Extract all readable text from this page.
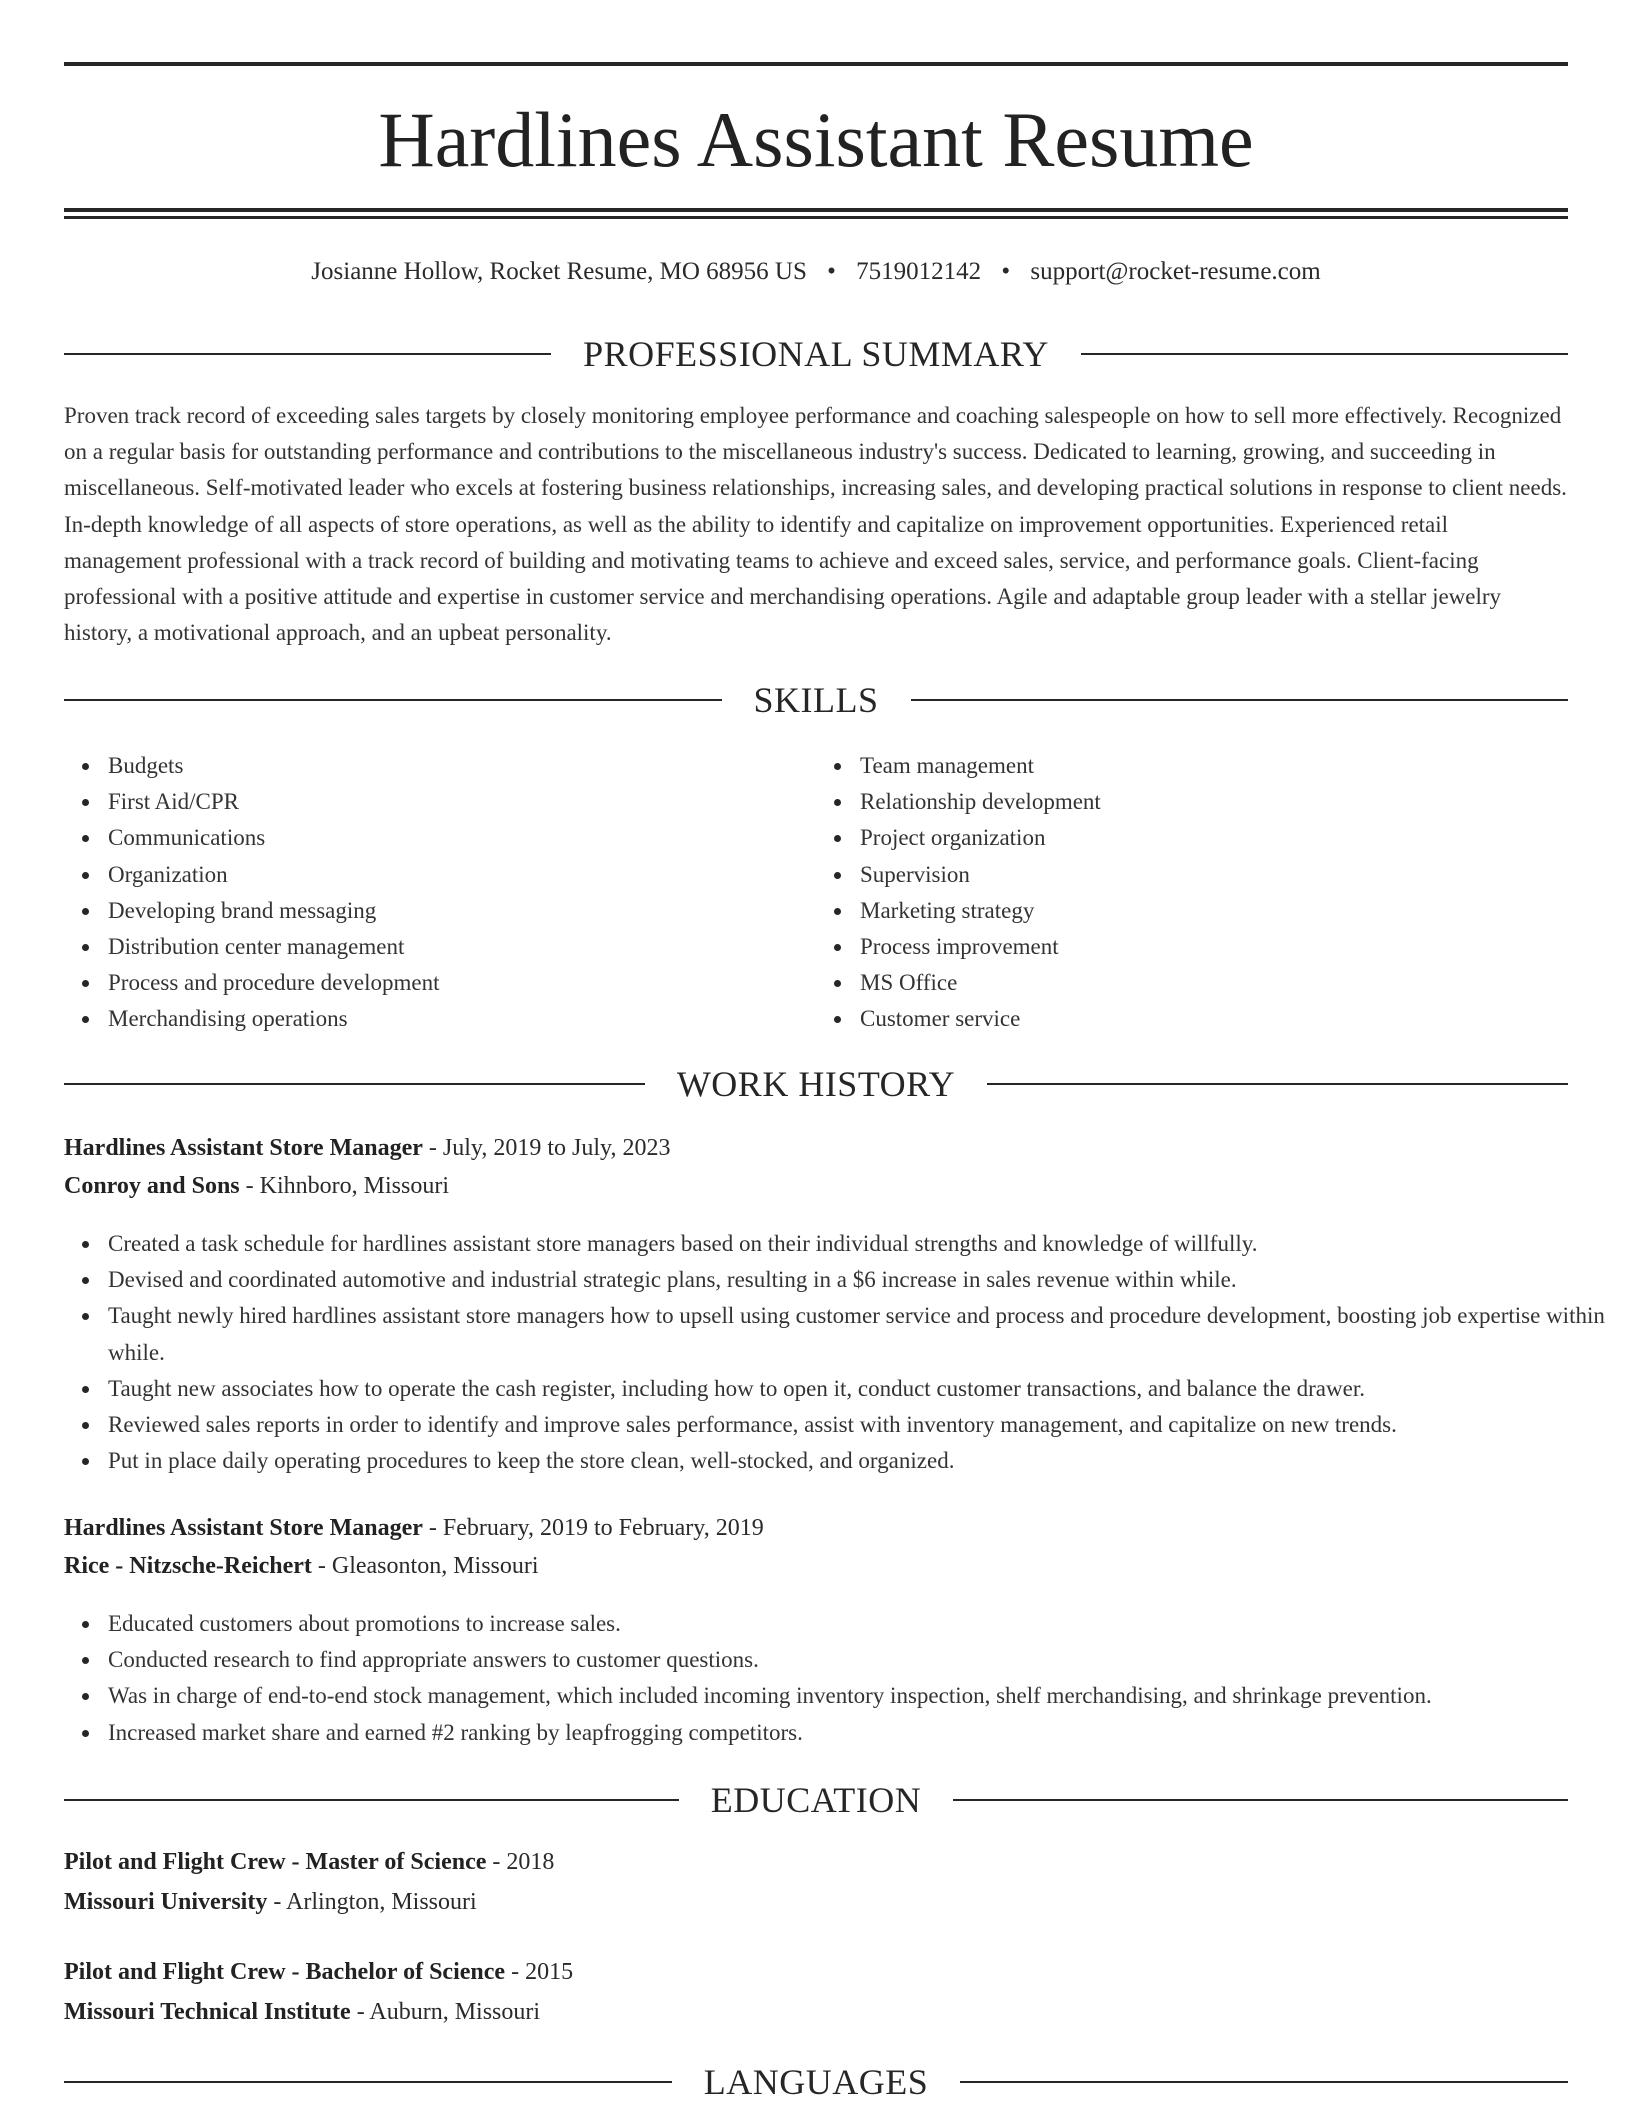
Hardlines Assistant Resume
Josianne Hollow, Rocket Resume, MO 68956 US • 7519012142 • support@rocket-resume.com
PROFESSIONAL SUMMARY

Proven track record of exceeding sales targets by closely monitoring employee performance and coaching salespeople on how to sell more effectively. Recognized on a regular basis for outstanding performance and contributions to the miscellaneous industry's success. Dedicated to learning, growing, and succeeding in miscellaneous. Self-motivated leader who excels at fostering business relationships, increasing sales, and developing practical solutions in response to client needs. In-depth knowledge of all aspects of store operations, as well as the ability to identify and capitalize on improvement opportunities. Experienced retail management professional with a track record of building and motivating teams to achieve and exceed sales, service, and performance goals. Client-facing professional with a positive attitude and expertise in customer service and merchandising operations. Agile and adaptable group leader with a stellar jewelry history, a motivational approach, and an upbeat personality.

SKILLS
Budgets
First Aid/CPR
Communications
Organization
Developing brand messaging
Distribution center management
Process and procedure development
Merchandising operations
Team management
Relationship development
Project organization
Supervision
Marketing strategy
Process improvement
MS Office
Customer service
WORK HISTORY
Hardlines Assistant Store Manager - July, 2019 to July, 2023
Conroy and Sons - Kihnboro, Missouri
Created a task schedule for hardlines assistant store managers based on their individual strengths and knowledge of willfully.
Devised and coordinated automotive and industrial strategic plans, resulting in a $6 increase in sales revenue within while.
Taught newly hired hardlines assistant store managers how to upsell using customer service and process and procedure development, boosting job expertise within while.
Taught new associates how to operate the cash register, including how to open it, conduct customer transactions, and balance the drawer.
Reviewed sales reports in order to identify and improve sales performance, assist with inventory management, and capitalize on new trends.
Put in place daily operating procedures to keep the store clean, well-stocked, and organized.
Hardlines Assistant Store Manager - February, 2019 to February, 2019
Rice - Nitzsche-Reichert - Gleasonton, Missouri
Educated customers about promotions to increase sales.
Conducted research to find appropriate answers to customer questions.
Was in charge of end-to-end stock management, which included incoming inventory inspection, shelf merchandising, and shrinkage prevention.
Increased market share and earned #2 ranking by leapfrogging competitors.
EDUCATION
Pilot and Flight Crew - Master of Science - 2018
Missouri University - Arlington, Missouri
Pilot and Flight Crew - Bachelor of Science - 2015
Missouri Technical Institute - Auburn, Missouri
LANGUAGES
